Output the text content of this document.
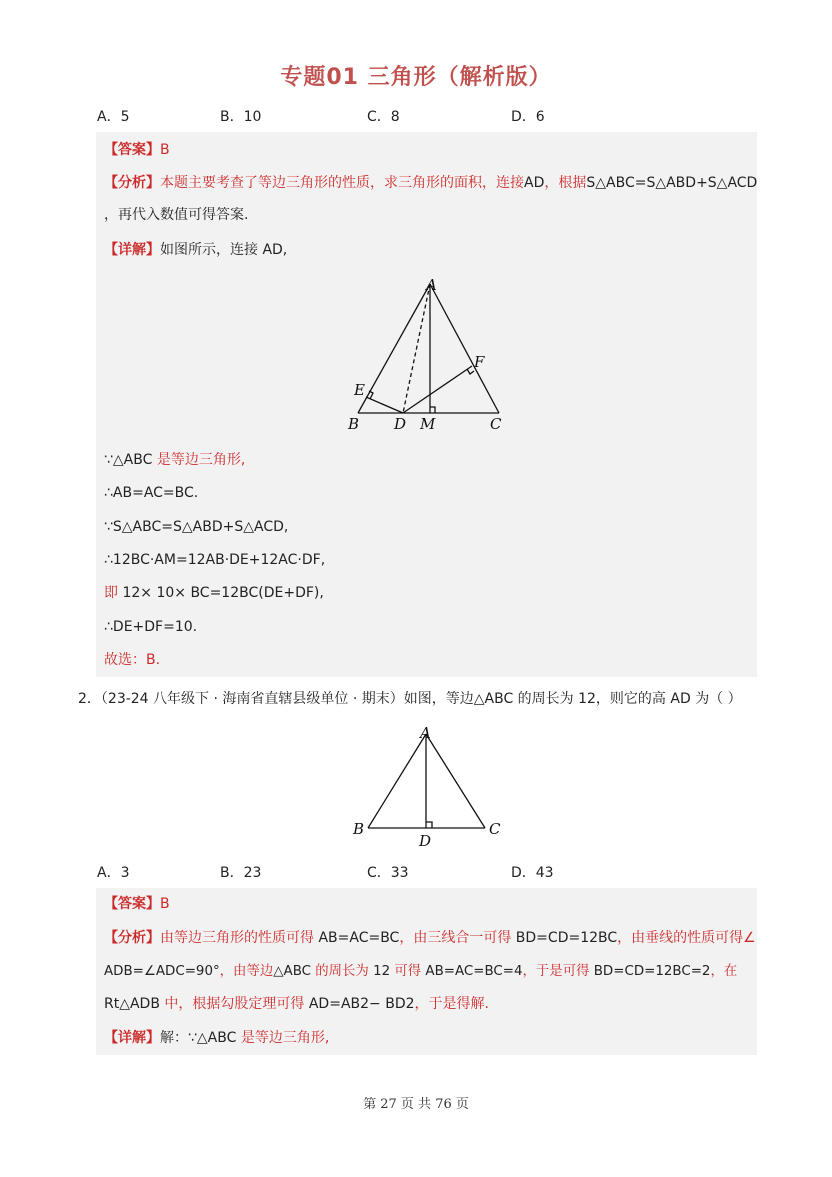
专题01 三角形（解析版）
A．5	B．10	C．8	D．6
【答案】B
【分析】本题主要考查了等边三角形的性质，求三角形的面积，连接AD，根据S△ABC=S△ABD+S△ACD
，再代入数值可得答案.
【详解】如图所示，连接 AD,
A
B	C
D M
E
F
∵△ABC 是等边三角形,
∴AB=AC=BC.
∵S△ABC=S△ABD+S△ACD,
∴12BC·AM=12AB·DE+12AC·DF,
即 12× 10× BC=12BC(DE+DF),
∴DE+DF=10.
故选：B.
2．（23-24 八年级下 · 海南省直辖县级单位 · 期末）如图，等边△ABC 的周长为 12，则它的高 AD 为（ ）
A
B	C
D
A．3	B．23	C．33	D．43
【答案】B
【分析】由等边三角形的性质可得 AB=AC=BC，由三线合一可得 BD=CD=12BC，由垂线的性质可得∠
ADB=∠ADC=90°，由等边△ABC 的周长为 12 可得 AB=AC=BC=4，于是可得 BD=CD=12BC=2，在
Rt△ADB 中，根据勾股定理可得 AD=AB2− BD2，于是得解.
【详解】解：∵△ABC 是等边三角形,
第 27 页 共 76 页
